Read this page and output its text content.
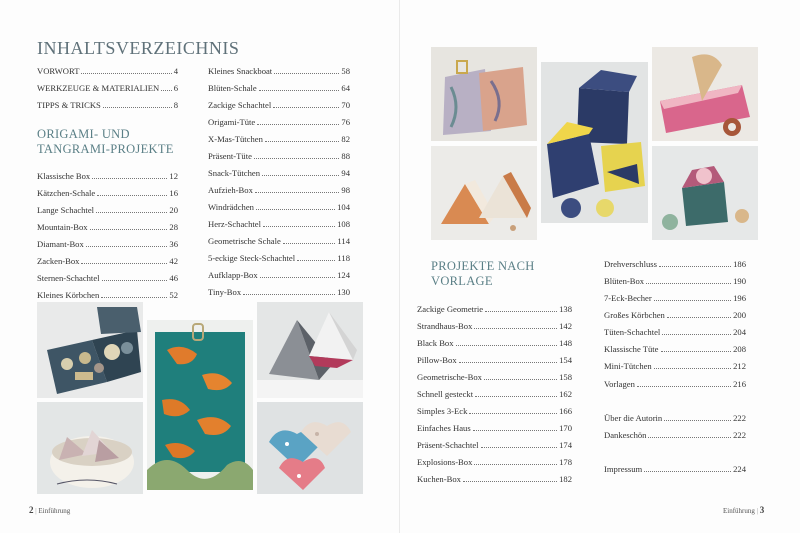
INHALTSVERZEICHNIS
VORWORT	4
WERKZEUGE & MATERIALIEN 6
TIPPS & TRICKS	8
ORIGAMI- UND
TANGRAMI-PROJEKTE
Klassische Box	12
Kätzchen-Schale	16
Lange Schachtel	20
Mountain-Box	28
Diamant-Box	36
Zacken-Box	42
Sternen-Schachtel	46
Kleines Körbchen	52
Kleines Snackboat	58
Blüten-Schale	64
Zackige Schachtel	70
Origami-Tüte	76
X-Mas-Tütchen	82
Präsent-Tüte	88
Snack-Tütchen	94
Aufzieh-Box	98
Windrädchen	104
Herz-Schachtel	108
Geometrische Schale	114
5-eckige Steck-Schachtel	118
Aufklapp-Box	124
Tiny-Box	130
2 | Einführung
PROJEKTE NACH
VORLAGE
Zackige Geometrie	138
Strandhaus-Box	142
Black Box	148
Pillow-Box	154
Geometrische-Box	158
Schnell gesteckt	162
Simples 3-Eck	166
Einfaches Haus	170
Präsent-Schachtel	174
Explosions-Box	178
Kuchen-Box	182
Drehverschluss	186
Blüten-Box	190
7-Eck-Becher	196
Großes Körbchen	200
Tüten-Schachtel	204
Klassische Tüte	208
Mini-Tütchen	212
Vorlagen	216
Über die Autorin	222
Dankeschön	222
Impressum	224
Einführung | 3
